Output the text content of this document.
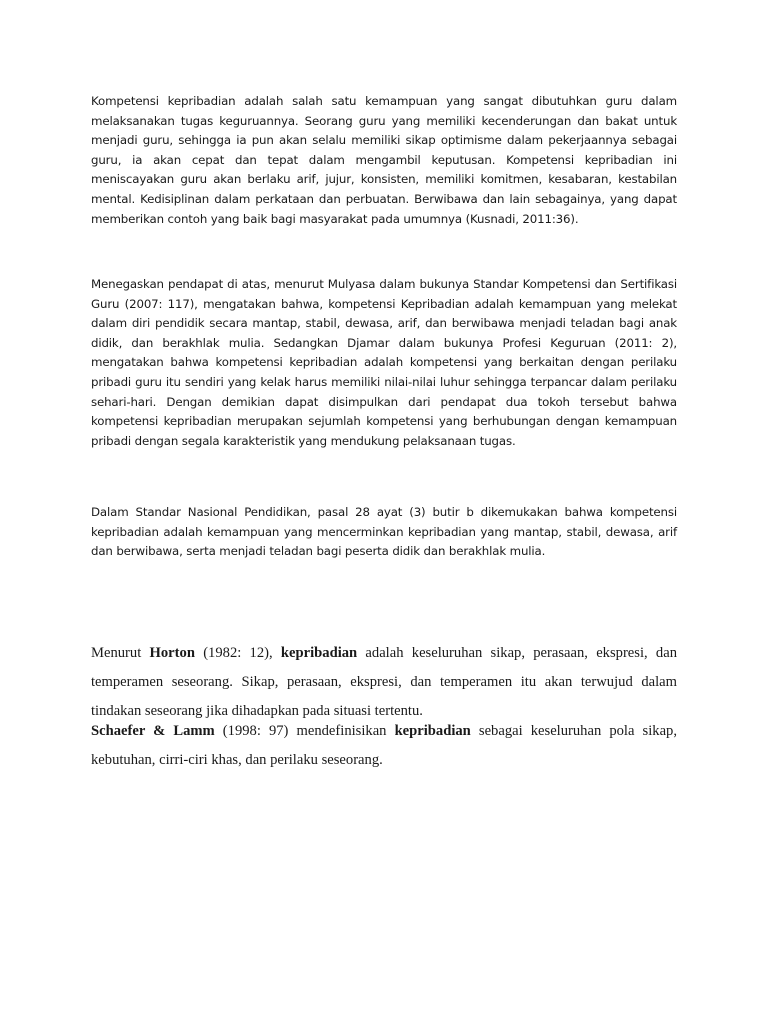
Kompetensi kepribadian adalah salah satu kemampuan yang sangat dibutuhkan guru dalam melaksanakan tugas keguruannya. Seorang guru yang memiliki kecenderungan dan bakat untuk menjadi guru, sehingga ia pun akan selalu memiliki sikap optimisme dalam pekerjaannya sebagai guru, ia akan cepat dan tepat dalam mengambil keputusan. Kompetensi kepribadian ini meniscayakan guru akan berlaku arif, jujur, konsisten, memiliki komitmen, kesabaran, kestabilan mental. Kedisiplinan dalam perkataan dan perbuatan. Berwibawa dan lain sebagainya, yang dapat memberikan contoh yang baik bagi masyarakat pada umumnya (Kusnadi, 2011:36).

Menegaskan pendapat di atas, menurut Mulyasa dalam bukunya Standar Kompetensi dan Sertifikasi Guru (2007: 117), mengatakan bahwa, kompetensi Kepribadian adalah kemampuan yang melekat dalam diri pendidik secara mantap, stabil, dewasa, arif, dan berwibawa menjadi teladan bagi anak didik, dan berakhlak mulia. Sedangkan Djamar dalam bukunya Profesi Keguruan (2011: 2), mengatakan bahwa kompetensi kepribadian adalah kompetensi yang berkaitan dengan perilaku pribadi guru itu sendiri yang kelak harus memiliki nilai-nilai luhur sehingga terpancar dalam perilaku sehari-hari. Dengan demikian dapat disimpulkan dari pendapat dua tokoh tersebut bahwa kompetensi kepribadian merupakan sejumlah kompetensi yang berhubungan dengan kemampuan pribadi dengan segala karakteristik yang mendukung pelaksanaan tugas.

Dalam Standar Nasional Pendidikan, pasal 28 ayat (3) butir b dikemukakan bahwa kompetensi kepribadian adalah kemampuan yang mencerminkan kepribadian yang mantap, stabil, dewasa, arif dan berwibawa, serta menjadi teladan bagi peserta didik dan berakhlak mulia.

Menurut Horton (1982: 12), kepribadian adalah keseluruhan sikap, perasaan, ekspresi, dan temperamen seseorang. Sikap, perasaan, ekspresi, dan temperamen itu akan terwujud dalam tindakan seseorang jika dihadapkan pada situasi tertentu.

Schaefer & Lamm (1998: 97) mendefinisikan kepribadian sebagai keseluruhan pola sikap, kebutuhan, cirri-ciri khas, dan perilaku seseorang.
